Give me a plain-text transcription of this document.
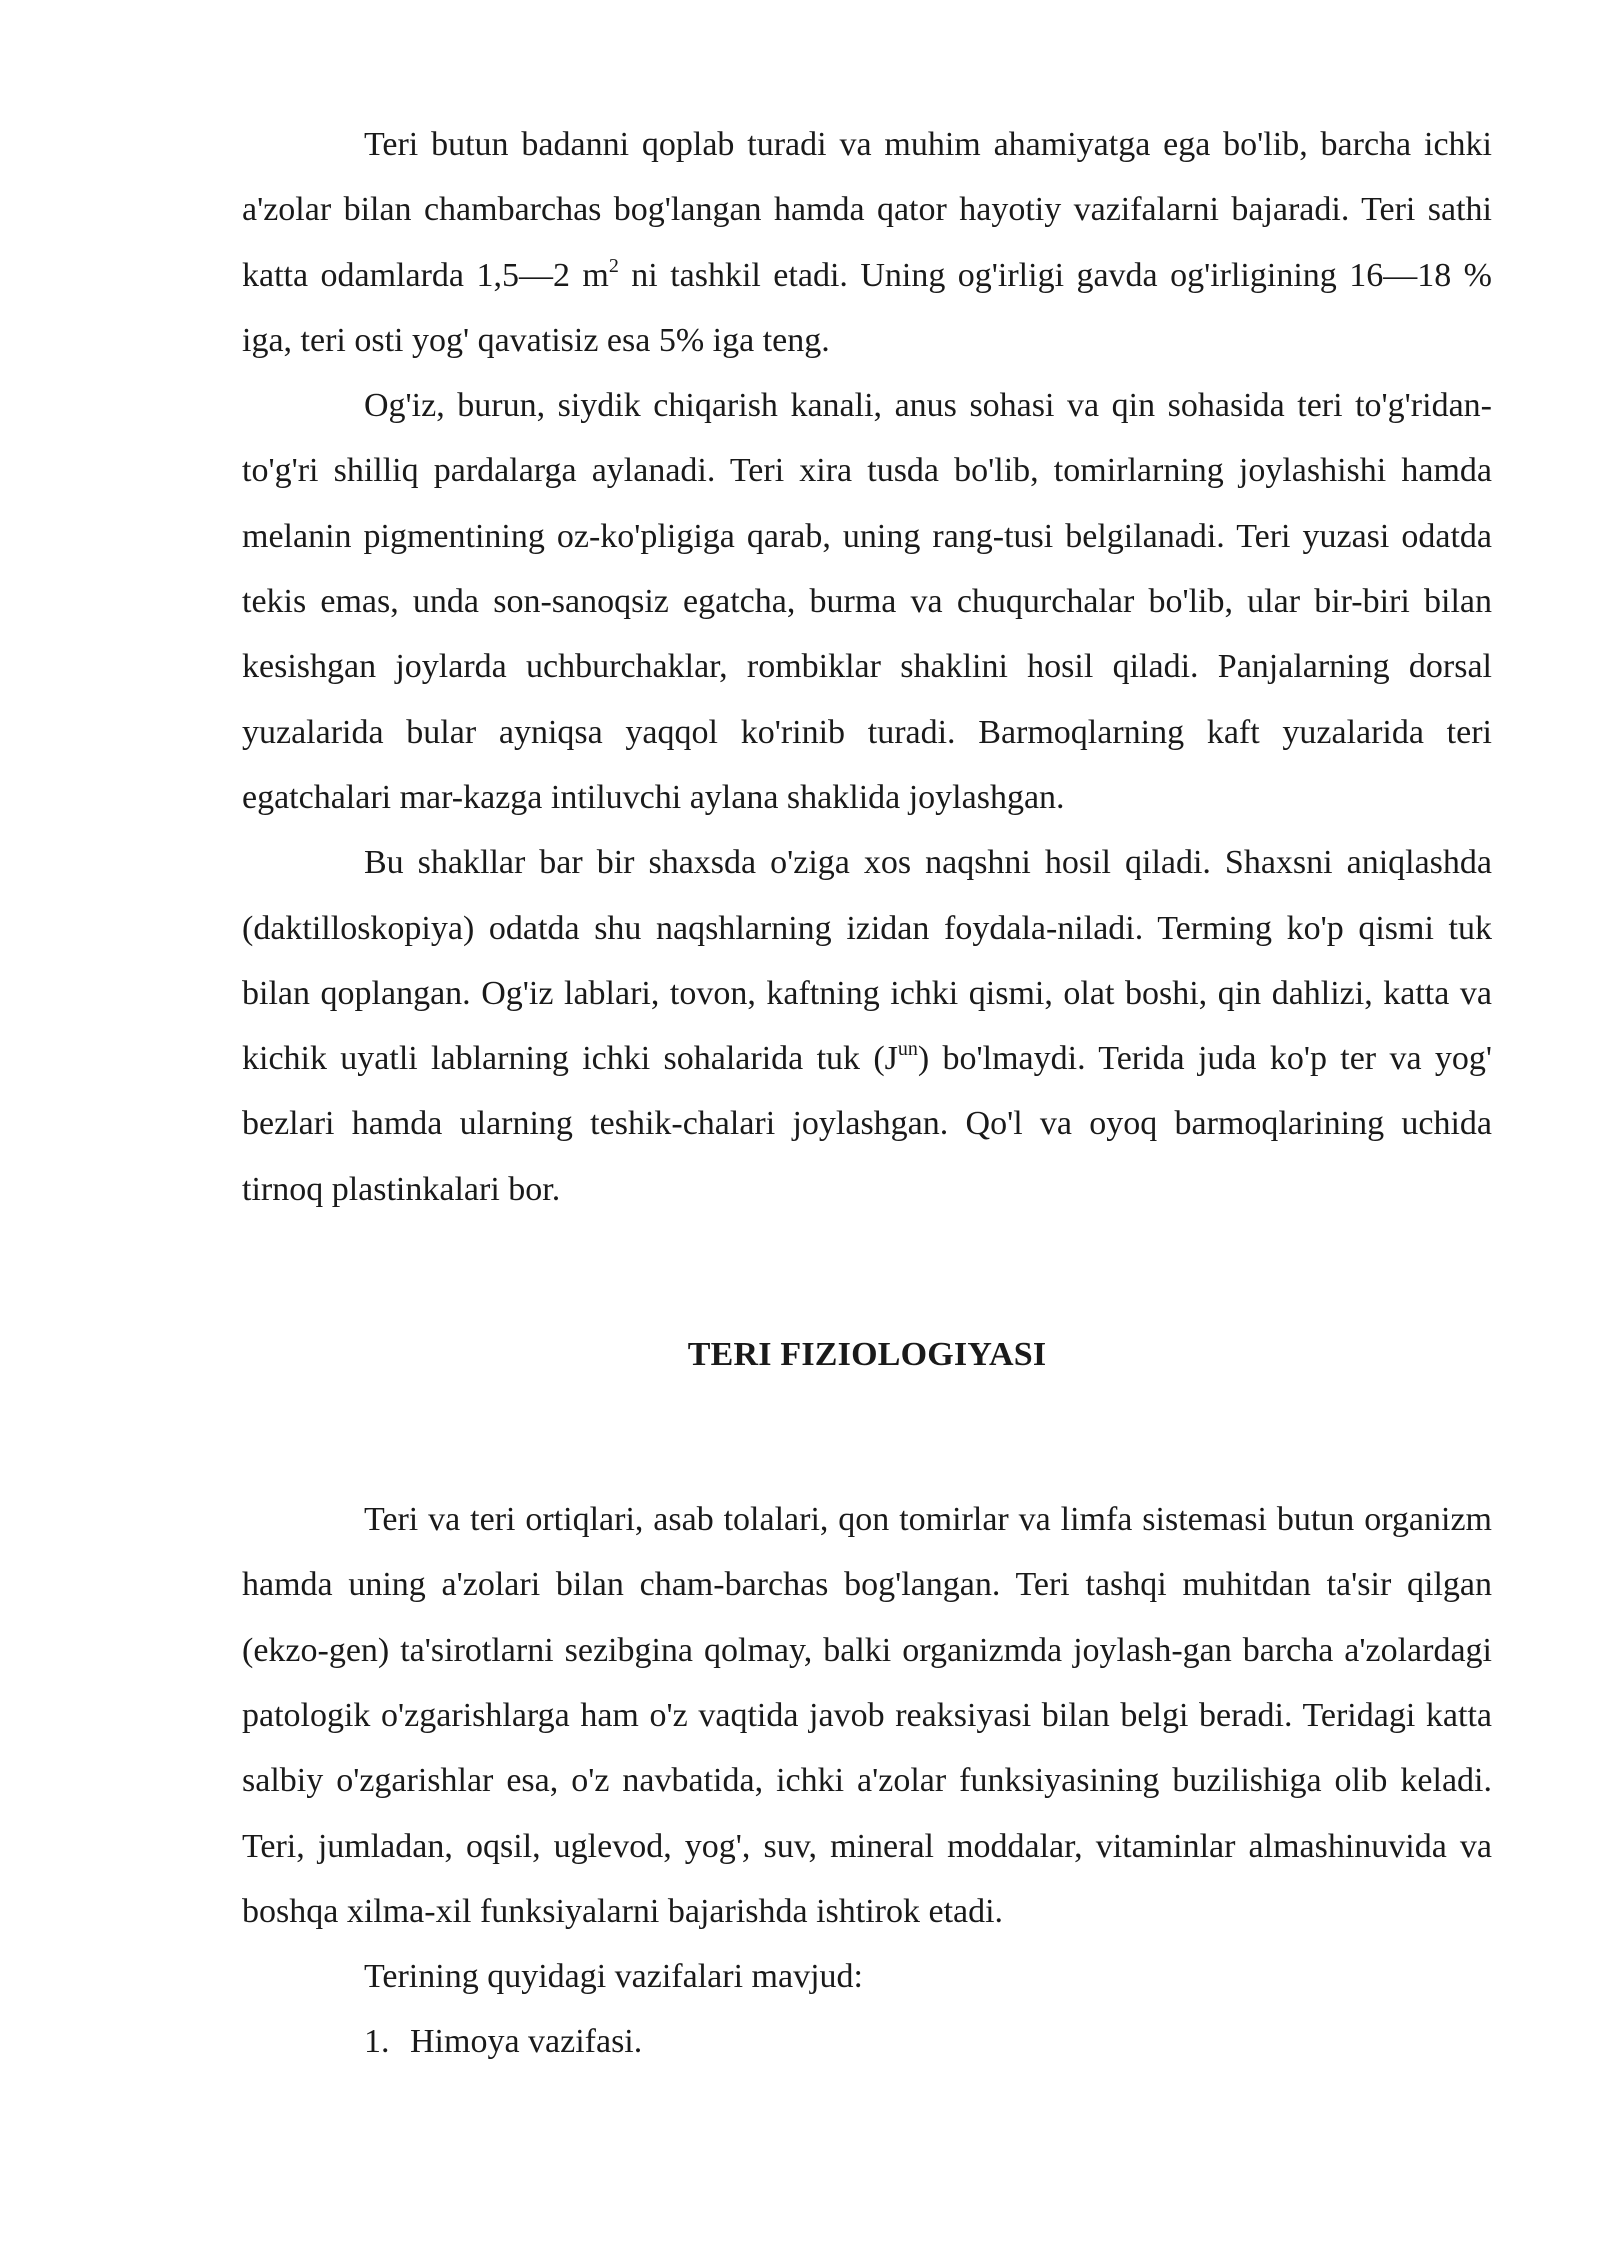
Teri butun badanni qoplab turadi va muhim ahamiyatga ega bo'lib, barcha ichki a'zolar bilan chambarchas bog'langan hamda qator hayotiy vazifalarni bajaradi. Teri sathi katta odamlarda 1,5—2 $m^2$ ni tashkil etadi. Uning og'irligi gavda og'irligining 16—18 % iga, teri osti yog' qavatisiz esa 5% iga teng.

Og'iz, burun, siydik chiqarish kanali, anus sohasi va qin sohasida teri to'g'ridan-to'g'ri shilliq pardalarga aylanadi. Teri xira tusda bo'lib, tomirlarning joylashishi hamda melanin pigmentining oz-ko'pligiga qarab, uning rang-tusi belgilanadi. Teri yuzasi odatda tekis emas, unda son-sanoqsiz egatcha, burma va chuqurchalar bo'lib, ular bir-biri bilan kesishgan joylarda uchburchaklar, rombiklar shaklini hosil qiladi. Panjalarning dorsal yuzalarida bular ayniqsa yaqqol ko'rinib turadi. Barmoqlarning kaft yuzalarida teri egatchalari mar-kazga intiluvchi aylana shaklida joylashgan.

Bu shakllar bar bir shaxsda o'ziga xos naqshni hosil qiladi. Shaxsni aniqlashda (daktilloskopiya) odatda shu naqshlarning izidan foydala-niladi. Terming ko'p qismi tuk bilan qoplangan. Og'iz lablari, tovon, kaftning ichki qismi, olat boshi, qin dahlizi, katta va kichik uyatli lablarning ichki sohalarida tuk $(J^{un})$ bo'lmaydi. Terida juda ko'p ter va yog' bezlari hamda ularning teshik-chalari joylashgan. Qo'l va oyoq barmoqlarining uchida tirnoq plastinkalari bor.

TERI FIZIOLOGIYASI

Teri va teri ortiqlari, asab tolalari, qon tomirlar va limfa sistemasi butun organizm hamda uning a'zolari bilan cham-barchas bog'langan. Teri tashqi muhitdan ta'sir qilgan (ekzo-gen) ta'sirotlarni sezibgina qolmay, balki organizmda joylash-gan barcha a'zolardagi patologik o'zgarishlarga ham o'z vaqtida javob reaksiyasi bilan belgi beradi. Teridagi katta salbiy o'zgarishlar esa, o'z navbatida, ichki a'zolar funksiyasining buzilishiga olib keladi. Teri, jumladan, oqsil, uglevod, yog', suv, mineral moddalar, vitaminlar almashinuvida va boshqa xilma-xil funksiyalarni bajarishda ishtirok etadi.

Terining quyidagi vazifalari mavjud:

1. Himoya vazifasi.
